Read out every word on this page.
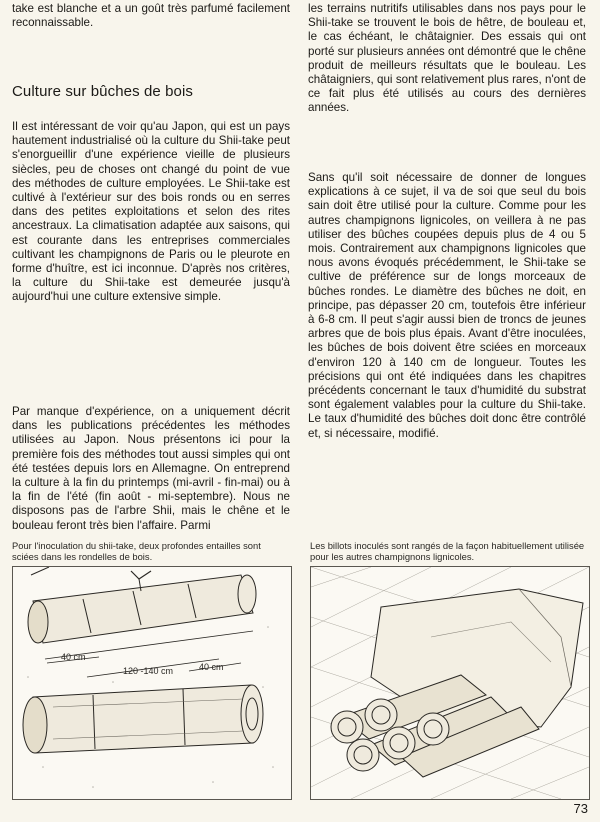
take est blanche et a un goût très parfumé facilement reconnaissable.

Culture sur bûches de bois

Il est intéressant de voir qu'au Japon, qui est un pays hautement industrialisé où la culture du Shii-take peut s'enorgueillir d'une expérience vieille de plusieurs siècles, peu de choses ont changé du point de vue des méthodes de culture employées. Le Shii-take est cultivé à l'extérieur sur des bois ronds ou en serres dans des petites exploitations et selon des rites ancestraux. La climatisation adaptée aux saisons, qui est courante dans les entreprises commerciales cultivant les champignons de Paris ou le pleurote en forme d'huître, est ici inconnue. D'après nos critères, la culture du Shii-take est demeurée jusqu'à aujourd'hui une culture extensive simple.

Par manque d'expérience, on a uniquement décrit dans les publications précédentes les méthodes utilisées au Japon. Nous présentons ici pour la première fois des méthodes tout aussi simples qui ont été testées depuis lors en Allemagne. On entreprend la culture à la fin du printemps (mi-avril - fin-mai) ou à la fin de l'été (fin août - mi-septembre). Nous ne disposons pas de l'arbre Shii, mais le chêne et le bouleau feront très bien l'affaire. Parmi

les terrains nutritifs utilisables dans nos pays pour le Shii-take se trouvent le bois de hêtre, de bouleau et, le cas échéant, le châtaignier. Des essais qui ont porté sur plusieurs années ont démontré que le chêne produit de meilleurs résultats que le bouleau. Les châtaigniers, qui sont relativement plus rares, n'ont de ce fait plus été utilisés au cours des dernières années.

Sans qu'il soit nécessaire de donner de longues explications à ce sujet, il va de soi que seul du bois sain doit être utilisé pour la culture. Comme pour les autres champignons lignicoles, on veillera à ne pas utiliser des bûches coupées depuis plus de 4 ou 5 mois. Contrairement aux champignons lignicoles que nous avons évoqués précédemment, le Shii-take se cultive de préférence sur de longs morceaux de bûches rondes. Le diamètre des bûches ne doit, en principe, pas dépasser 20 cm, toutefois être inférieur à 6-8 cm. Il peut s'agir aussi bien de troncs de jeunes arbres que de bois plus épais. Avant d'être inoculées, les bûches de bois doivent être sciées en morceaux d'environ 120 à 140 cm de longueur. Toutes les précisions qui ont été indiquées dans les chapitres précédents concernant le taux d'humidité du substrat sont également valables pour la culture du Shii-take. Le taux d'humidité des bûches doit donc être contrôlé et, si nécessaire, modifié.

Pour l'inoculation du shii-take, deux profondes entailles sont sciées dans les rondelles de bois.

40 cm
120 -140 cm	40 cm

Les billots inoculés sont rangés de la façon habituellement utilisée pour les autres champignons lignicoles.

73
